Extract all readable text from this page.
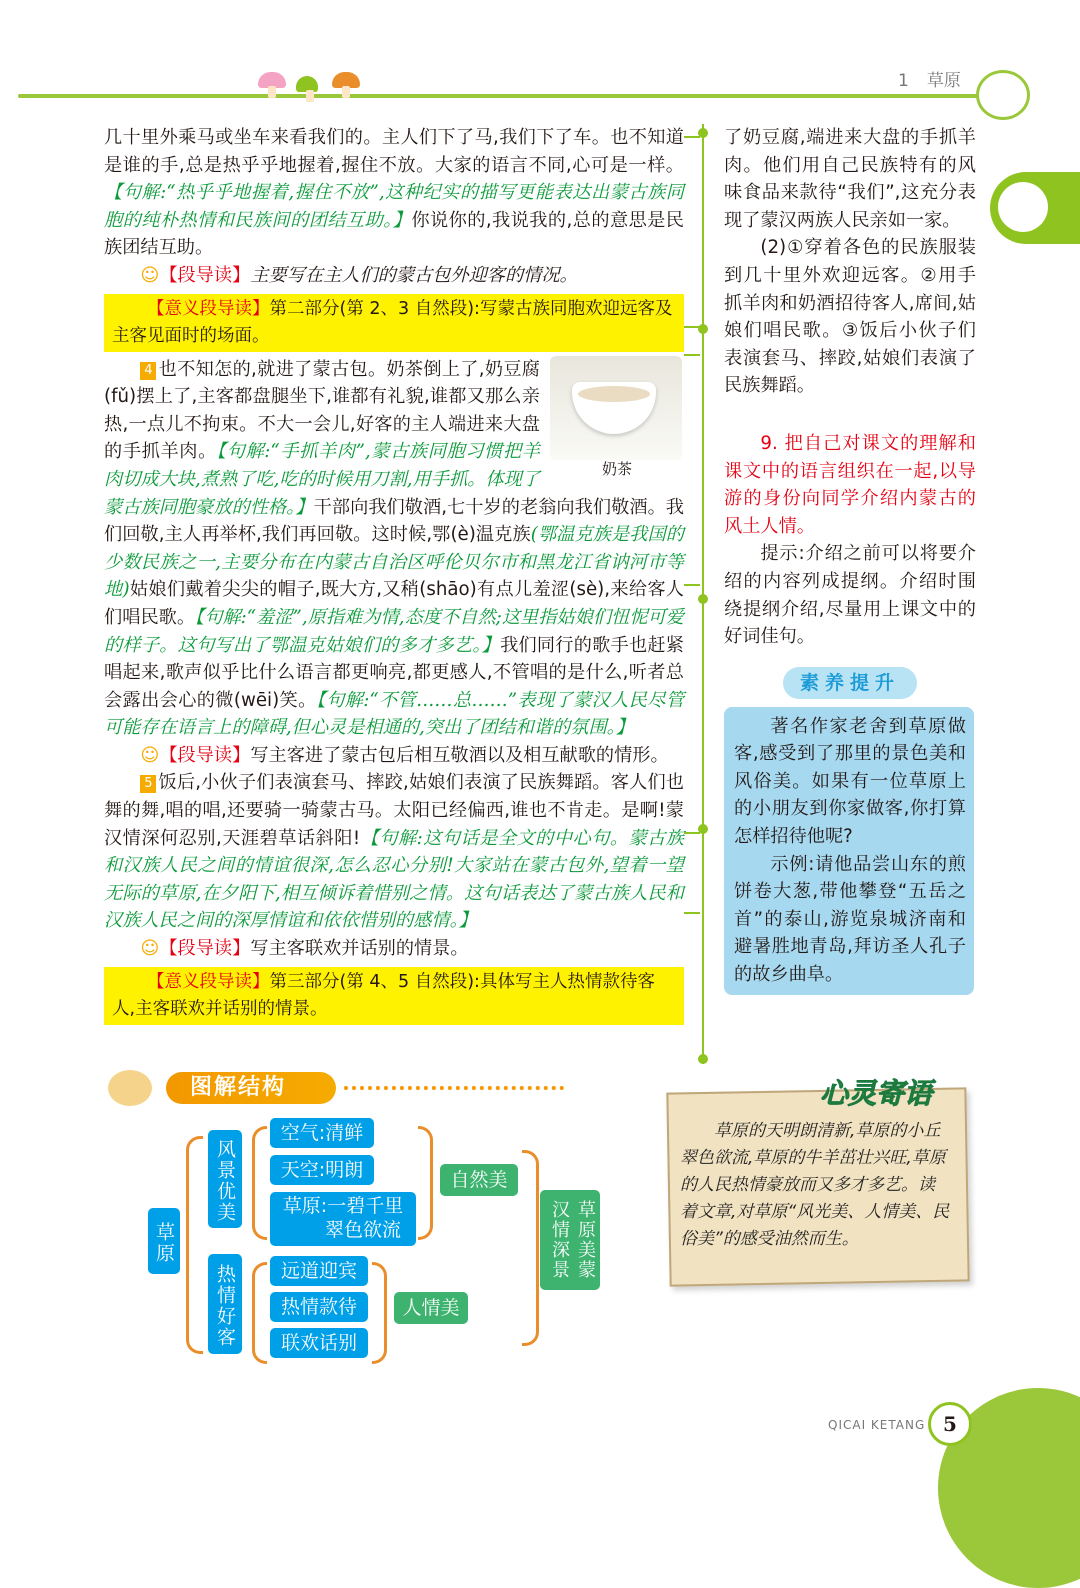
1 草原

几十里外乘马或坐车来看我们的。主人们下了马,我们下了车。也不知道是谁的手,总是热乎乎地握着,握住不放。大家的语言不同,心可是一样。【句解:“热乎乎地握着,握住不放”,这种纪实的描写更能表达出蒙古族同胞的纯朴热情和民族间的团结互助。】你说你的,我说我的,总的意思是民族团结互助。

☺【段导读】主要写在主人们的蒙古包外迎客的情况。

【意义段导读】第二部分(第 2、3 自然段):写蒙古族同胞欢迎远客及主客见面时的场面。
奶茶

4 也不知怎的,就进了蒙古包。奶茶倒上了,奶豆腐(fǔ)摆上了,主客都盘腿坐下,谁都有礼貌,谁都又那么亲热,一点儿不拘束。不大一会儿,好客的主人端进来大盘的手抓羊肉。【句解:“手抓羊肉”,蒙古族同胞习惯把羊肉切成大块,煮熟了吃,吃的时候用刀割,用手抓。体现了蒙古族同胞豪放的性格。】干部向我们敬酒,七十岁的老翁向我们敬酒。我们回敬,主人再举杯,我们再回敬。这时候,鄂(è)温克族(鄂温克族是我国的少数民族之一,主要分布在内蒙古自治区呼伦贝尔市和黑龙江省讷河市等地)姑娘们戴着尖尖的帽子,既大方,又稍(shāo)有点儿羞涩(sè),来给客人们唱民歌。【句解:“羞涩”,原指难为情,态度不自然;这里指姑娘们忸怩可爱的样子。这句写出了鄂温克姑娘们的多才多艺。】我们同行的歌手也赶紧唱起来,歌声似乎比什么语言都更响亮,都更感人,不管唱的是什么,听者总会露出会心的微(wēi)笑。【句解:“不管……总……”表现了蒙汉人民尽管可能存在语言上的障碍,但心灵是相通的,突出了团结和谐的氛围。】

☺【段导读】写主客进了蒙古包后相互敬酒以及相互献歌的情形。

5 饭后,小伙子们表演套马、摔跤,姑娘们表演了民族舞蹈。客人们也舞的舞,唱的唱,还要骑一骑蒙古马。太阳已经偏西,谁也不肯走。是啊!蒙汉情深何忍别,天涯碧草话斜阳!【句解:这句话是全文的中心句。蒙古族和汉族人民之间的情谊很深,怎么忍心分别!大家站在蒙古包外,望着一望无际的草原,在夕阳下,相互倾诉着惜别之情。这句话表达了蒙古族人民和汉族人民之间的深厚情谊和依依惜别的感情。】

☺【段导读】写主客联欢并话别的情景。

【意义段导读】第三部分(第 4、5 自然段):具体写主人热情款待客人,主客联欢并话别的情景。

了奶豆腐,端进来大盘的手抓羊肉。他们用自己民族特有的风味食品来款待“我们”,这充分表现了蒙汉两族人民亲如一家。

(2)①穿着各色的民族服装到几十里外欢迎远客。②用手抓羊肉和奶酒招待客人,席间,姑娘们唱民歌。③饭后小伙子们表演套马、摔跤,姑娘们表演了民族舞蹈。

9. 把自己对课文的理解和课文中的语言组织在一起,以导游的身份向同学介绍内蒙古的风土人情。

提示:介绍之前可以将要介绍的内容列成提纲。介绍时围绕提纲介绍,尽量用上课文中的好词佳句。

素养提升

著名作家老舍到草原做客,感受到了那里的景色美和风俗美。如果有一位草原上的小朋友到你家做客,你打算怎样招待他呢?

示例:请他品尝山东的煎饼卷大葱,带他攀登“五岳之首”的泰山,游览泉城济南和避暑胜地青岛,拜访圣人孔子的故乡曲阜。

图解结构
草原
风景优美
热情好客
空气:清鲜
天空:明朗
草原:一碧千里
翠色欲流
自然美
远道迎宾
热情款待
联欢话别
人情美
草原美蒙汉情深景
心灵寄语
草原的天明朗清新,草原的小丘翠色欲流,草原的牛羊茁壮兴旺,草原的人民热情豪放而又多才多艺。读着文章,对草原“风光美、人情美、民俗美”的感受油然而生。
QICAI KETANG 5
